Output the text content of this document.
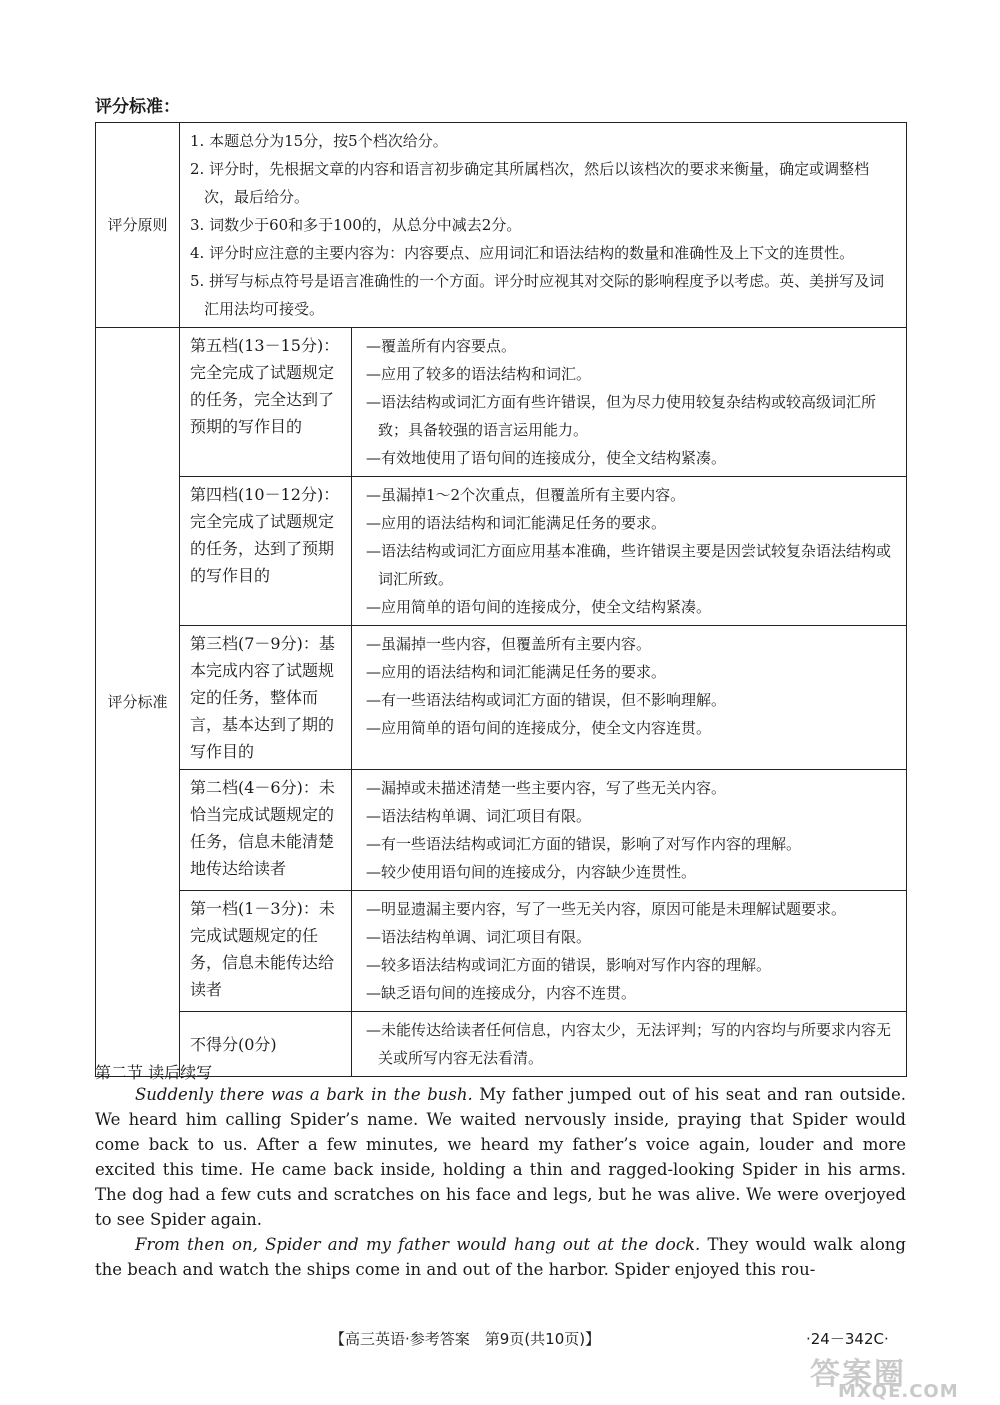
评分标准：
评分原则	1. 本题总分为15分，按5个档次给分。
2. 评分时，先根据文章的内容和语言初步确定其所属档次，然后以该档次的要求来衡量，确定或调整档次，最后给分。
3. 词数少于60和多于100的，从总分中减去2分。
4. 评分时应注意的主要内容为：内容要点、应用词汇和语法结构的数量和准确性及上下文的连贯性。
5. 拼写与标点符号是语言准确性的一个方面。评分时应视其对交际的影响程度予以考虑。英、美拼写及词汇用法均可接受。	

评分标准	第五档(13－15分)：完全完成了试题规定的任务，完全达到了预期的写作目的	—覆盖所有内容要点。
—应用了较多的语法结构和词汇。
—语法结构或词汇方面有些许错误，但为尽力使用较复杂结构或较高级词汇所致；具备较强的语言运用能力。
—有效地使用了语句间的连接成分，使全文结构紧凑。

	第四档(10－12分)：完全完成了试题规定的任务，达到了预期的写作目的	—虽漏掉1～2个次重点，但覆盖所有主要内容。
—应用的语法结构和词汇能满足任务的要求。
—语法结构或词汇方面应用基本准确，些许错误主要是因尝试较复杂语法结构或词汇所致。
—应用简单的语句间的连接成分，使全文结构紧凑。

	第三档(7－9分)：基本完成内容了试题规定的任务，整体而言，基本达到了期的写作目的	—虽漏掉一些内容，但覆盖所有主要内容。
—应用的语法结构和词汇能满足任务的要求。
—有一些语法结构或词汇方面的错误，但不影响理解。
—应用简单的语句间的连接成分，使全文内容连贯。

	第二档(4－6分)：未恰当完成试题规定的任务，信息未能清楚地传达给读者	—漏掉或未描述清楚一些主要内容，写了些无关内容。
—语法结构单调、词汇项目有限。
—有一些语法结构或词汇方面的错误，影响了对写作内容的理解。
—较少使用语句间的连接成分，内容缺少连贯性。

	第一档(1－3分)：未完成试题规定的任务，信息未能传达给读者	—明显遗漏主要内容，写了一些无关内容，原因可能是未理解试题要求。
—语法结构单调、词汇项目有限。
—较多语法结构或词汇方面的错误，影响对写作内容的理解。
—缺乏语句间的连接成分，内容不连贯。

	不得分(0分)	—未能传达给读者任何信息，内容太少，无法评判；写的内容均与所要求内容无关或所写内容无法看清。
第二节 读后续写

Suddenly there was a bark in the bush. My father jumped out of his seat and ran outside. We heard him calling Spider’s name. We waited nervously inside, praying that Spider would come back to us. After a few minutes, we heard my father’s voice again, louder and more excited this time. He came back inside, holding a thin and ragged-looking Spider in his arms. The dog had a few cuts and scratches on his face and legs, but he was alive. We were overjoyed to see Spider again.

From then on, Spider and my father would hang out at the dock. They would walk along the beach and watch the ships come in and out of the harbor. Spider enjoyed this rou-

【高三英语·参考答案　第9页(共10页)】	·24－342C·
答案圈
MXQE.COM
